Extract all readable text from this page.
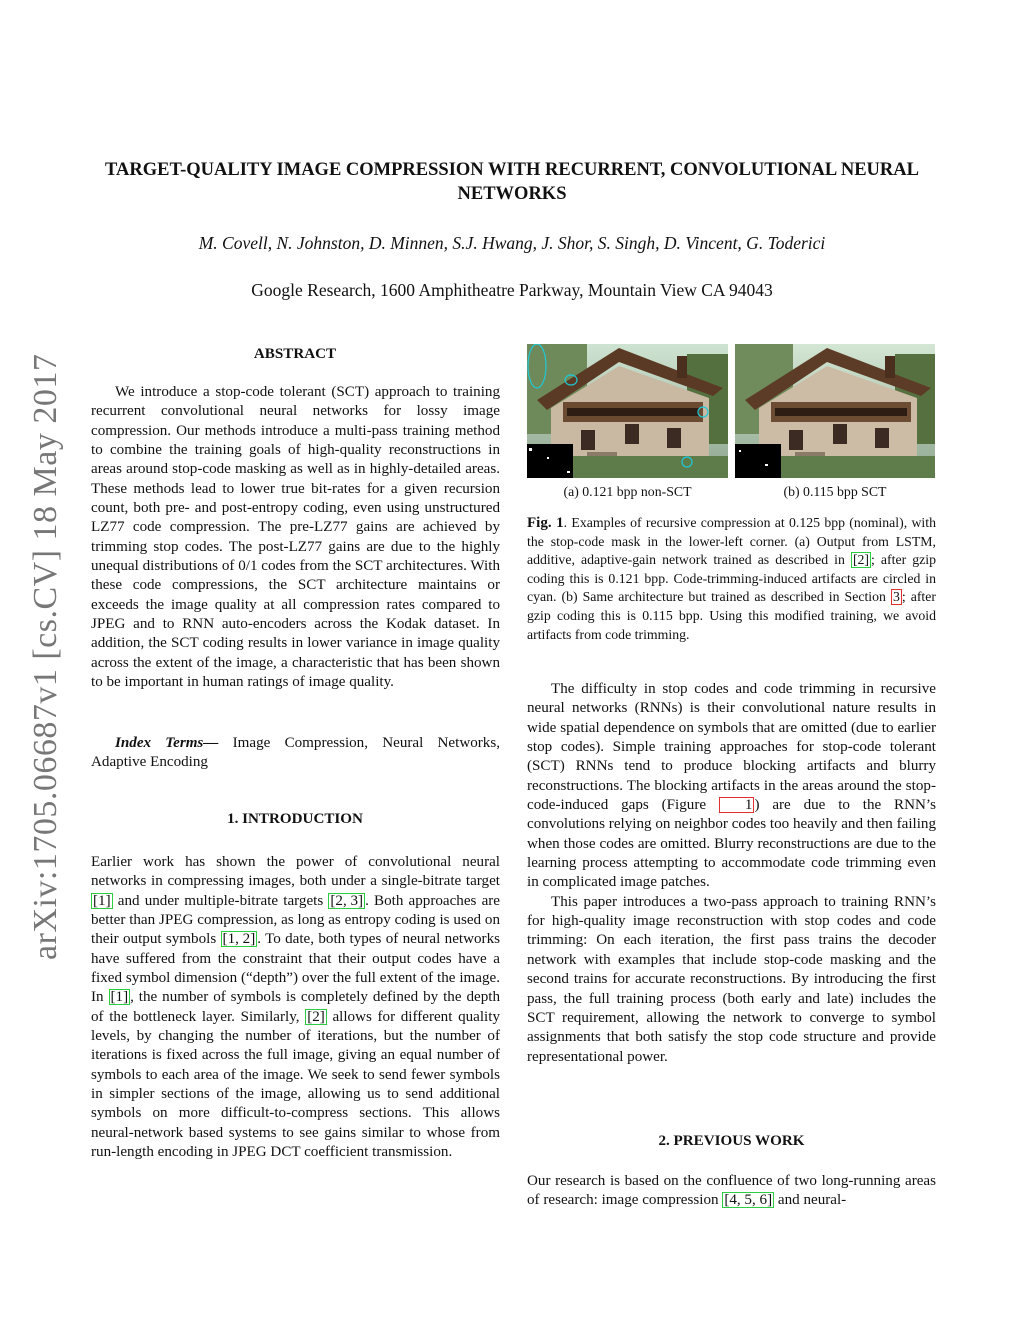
arXiv:1705.06687v1 [cs.CV] 18 May 2017
TARGET-QUALITY IMAGE COMPRESSION WITH RECURRENT, CONVOLUTIONAL NEURAL NETWORKS
M. Covell, N. Johnston, D. Minnen, S.J. Hwang, J. Shor, S. Singh, D. Vincent, G. Toderici
Google Research, 1600 Amphitheatre Parkway, Mountain View CA 94043
ABSTRACT

We introduce a stop-code tolerant (SCT) approach to training recurrent convolutional neural networks for lossy image compression. Our methods introduce a multi-pass training method to combine the training goals of high-quality reconstructions in areas around stop-code masking as well as in highly-detailed areas. These methods lead to lower true bit-rates for a given recursion count, both pre- and post-entropy coding, even using unstructured LZ77 code compression. The pre-LZ77 gains are achieved by trimming stop codes. The post-LZ77 gains are due to the highly unequal distributions of 0/1 codes from the SCT architectures. With these code compressions, the SCT architecture maintains or exceeds the image quality at all compression rates compared to JPEG and to RNN auto-encoders across the Kodak dataset. In addition, the SCT coding results in lower variance in image quality across the extent of the image, a characteristic that has been shown to be important in human ratings of image quality.

Index Terms— Image Compression, Neural Networks, Adaptive Encoding

1. INTRODUCTION

Earlier work has shown the power of convolutional neural networks in compressing images, both under a single-bitrate target [1] and under multiple-bitrate targets [2, 3] . Both approaches are better than JPEG compression, as long as entropy coding is used on their output symbols [1, 2] . To date, both types of neural networks have suffered from the constraint that their output codes have a fixed symbol dimension (“depth”) over the full extent of the image. In [1] , the number of symbols is completely defined by the depth of the bottleneck layer. Similarly, [2] allows for different quality levels, by changing the number of iterations, but the number of iterations is fixed across the full image, giving an equal number of symbols to each area of the image. We seek to send fewer symbols in simpler sections of the image, allowing us to send additional symbols on more difficult-to-compress sections. This allows neural-network based systems to see gains similar to whose from run-length encoding in JPEG DCT coefficient transmission.

(a) 0.121 bpp non-SCT	(b) 0.115 bpp SCT
Fig. 1. Examples of recursive compression at 0.125 bpp (nominal), with the stop-code mask in the lower-left corner. (a) Output from LSTM, additive, adaptive-gain network trained as described in [2] ; after gzip coding this is 0.121 bpp. Code-trimming-induced artifacts are circled in cyan. (b) Same architecture but trained as described in Section 3 ; after gzip coding this is 0.115 bpp. Using this modified training, we avoid artifacts from code trimming.

The difficulty in stop codes and code trimming in recursive neural networks (RNNs) is their convolutional nature results in wide spatial dependence on symbols that are omitted (due to earlier stop codes). Simple training approaches for stop-code tolerant (SCT) RNNs tend to produce blocking artifacts and blurry reconstructions. The blocking artifacts in the areas around the stop-code-induced gaps (Figure 1 ) are due to the RNN’s convolutions relying on neighbor codes too heavily and then failing when those codes are omitted. Blurry reconstructions are due to the learning process attempting to accommodate code trimming even in complicated image patches.

This paper introduces a two-pass approach to training RNN’s for high-quality image reconstruction with stop codes and code trimming: On each iteration, the first pass trains the decoder network with examples that include stop-code masking and the second trains for accurate reconstructions. By introducing the first pass, the full training process (both early and late) includes the SCT requirement, allowing the network to converge to symbol assignments that both satisfy the stop code structure and provide representational power.

2. PREVIOUS WORK

Our research is based on the confluence of two long-running areas of research: image compression [4, 5, 6] and neural-
